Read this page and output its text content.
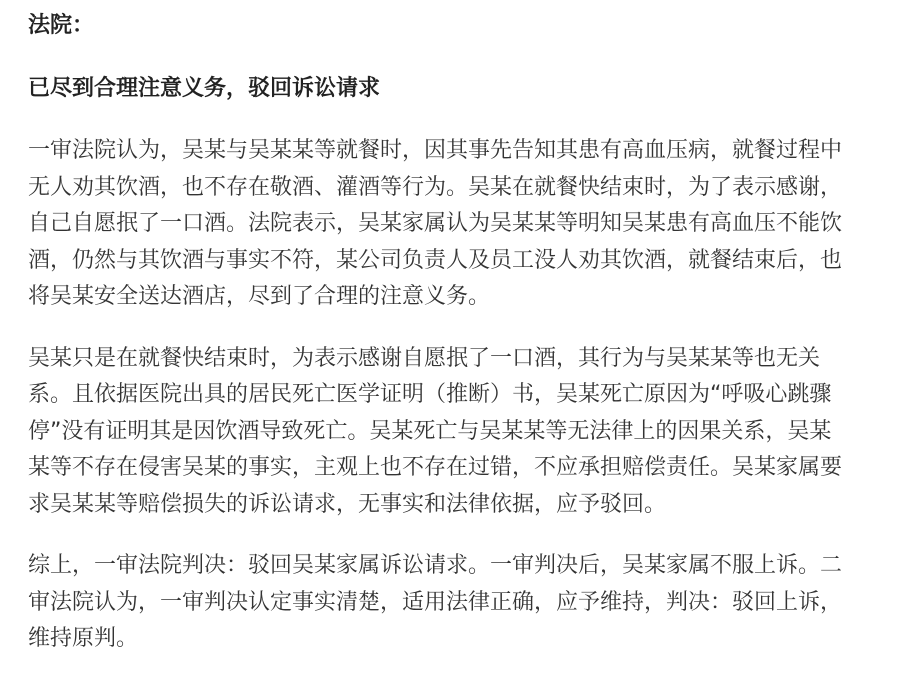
法院：
已尽到合理注意义务，驳回诉讼请求

一审法院认为，吴某与吴某某等就餐时，因其事先告知其患有高血压病，就餐过程中
无人劝其饮酒，也不存在敬酒、灌酒等行为。吴某在就餐快结束时，为了表示感谢，
自己自愿抿了一口酒。法院表示，吴某家属认为吴某某等明知吴某患有高血压不能饮
酒，仍然与其饮酒与事实不符，某公司负责人及员工没人劝其饮酒，就餐结束后，也
将吴某安全送达酒店，尽到了合理的注意义务。

吴某只是在就餐快结束时，为表示感谢自愿抿了一口酒，其行为与吴某某等也无关
系。且依据医院出具的居民死亡医学证明（推断）书，吴某死亡原因为“呼吸心跳骤
停”没有证明其是因饮酒导致死亡。吴某死亡与吴某某等无法律上的因果关系，吴某
某等不存在侵害吴某的事实，主观上也不存在过错，不应承担赔偿责任。吴某家属要
求吴某某等赔偿损失的诉讼请求，无事实和法律依据，应予驳回。

综上，一审法院判决：驳回吴某家属诉讼请求。一审判决后，吴某家属不服上诉。二
审法院认为，一审判决认定事实清楚，适用法律正确，应予维持，判决：驳回上诉，
维持原判。
